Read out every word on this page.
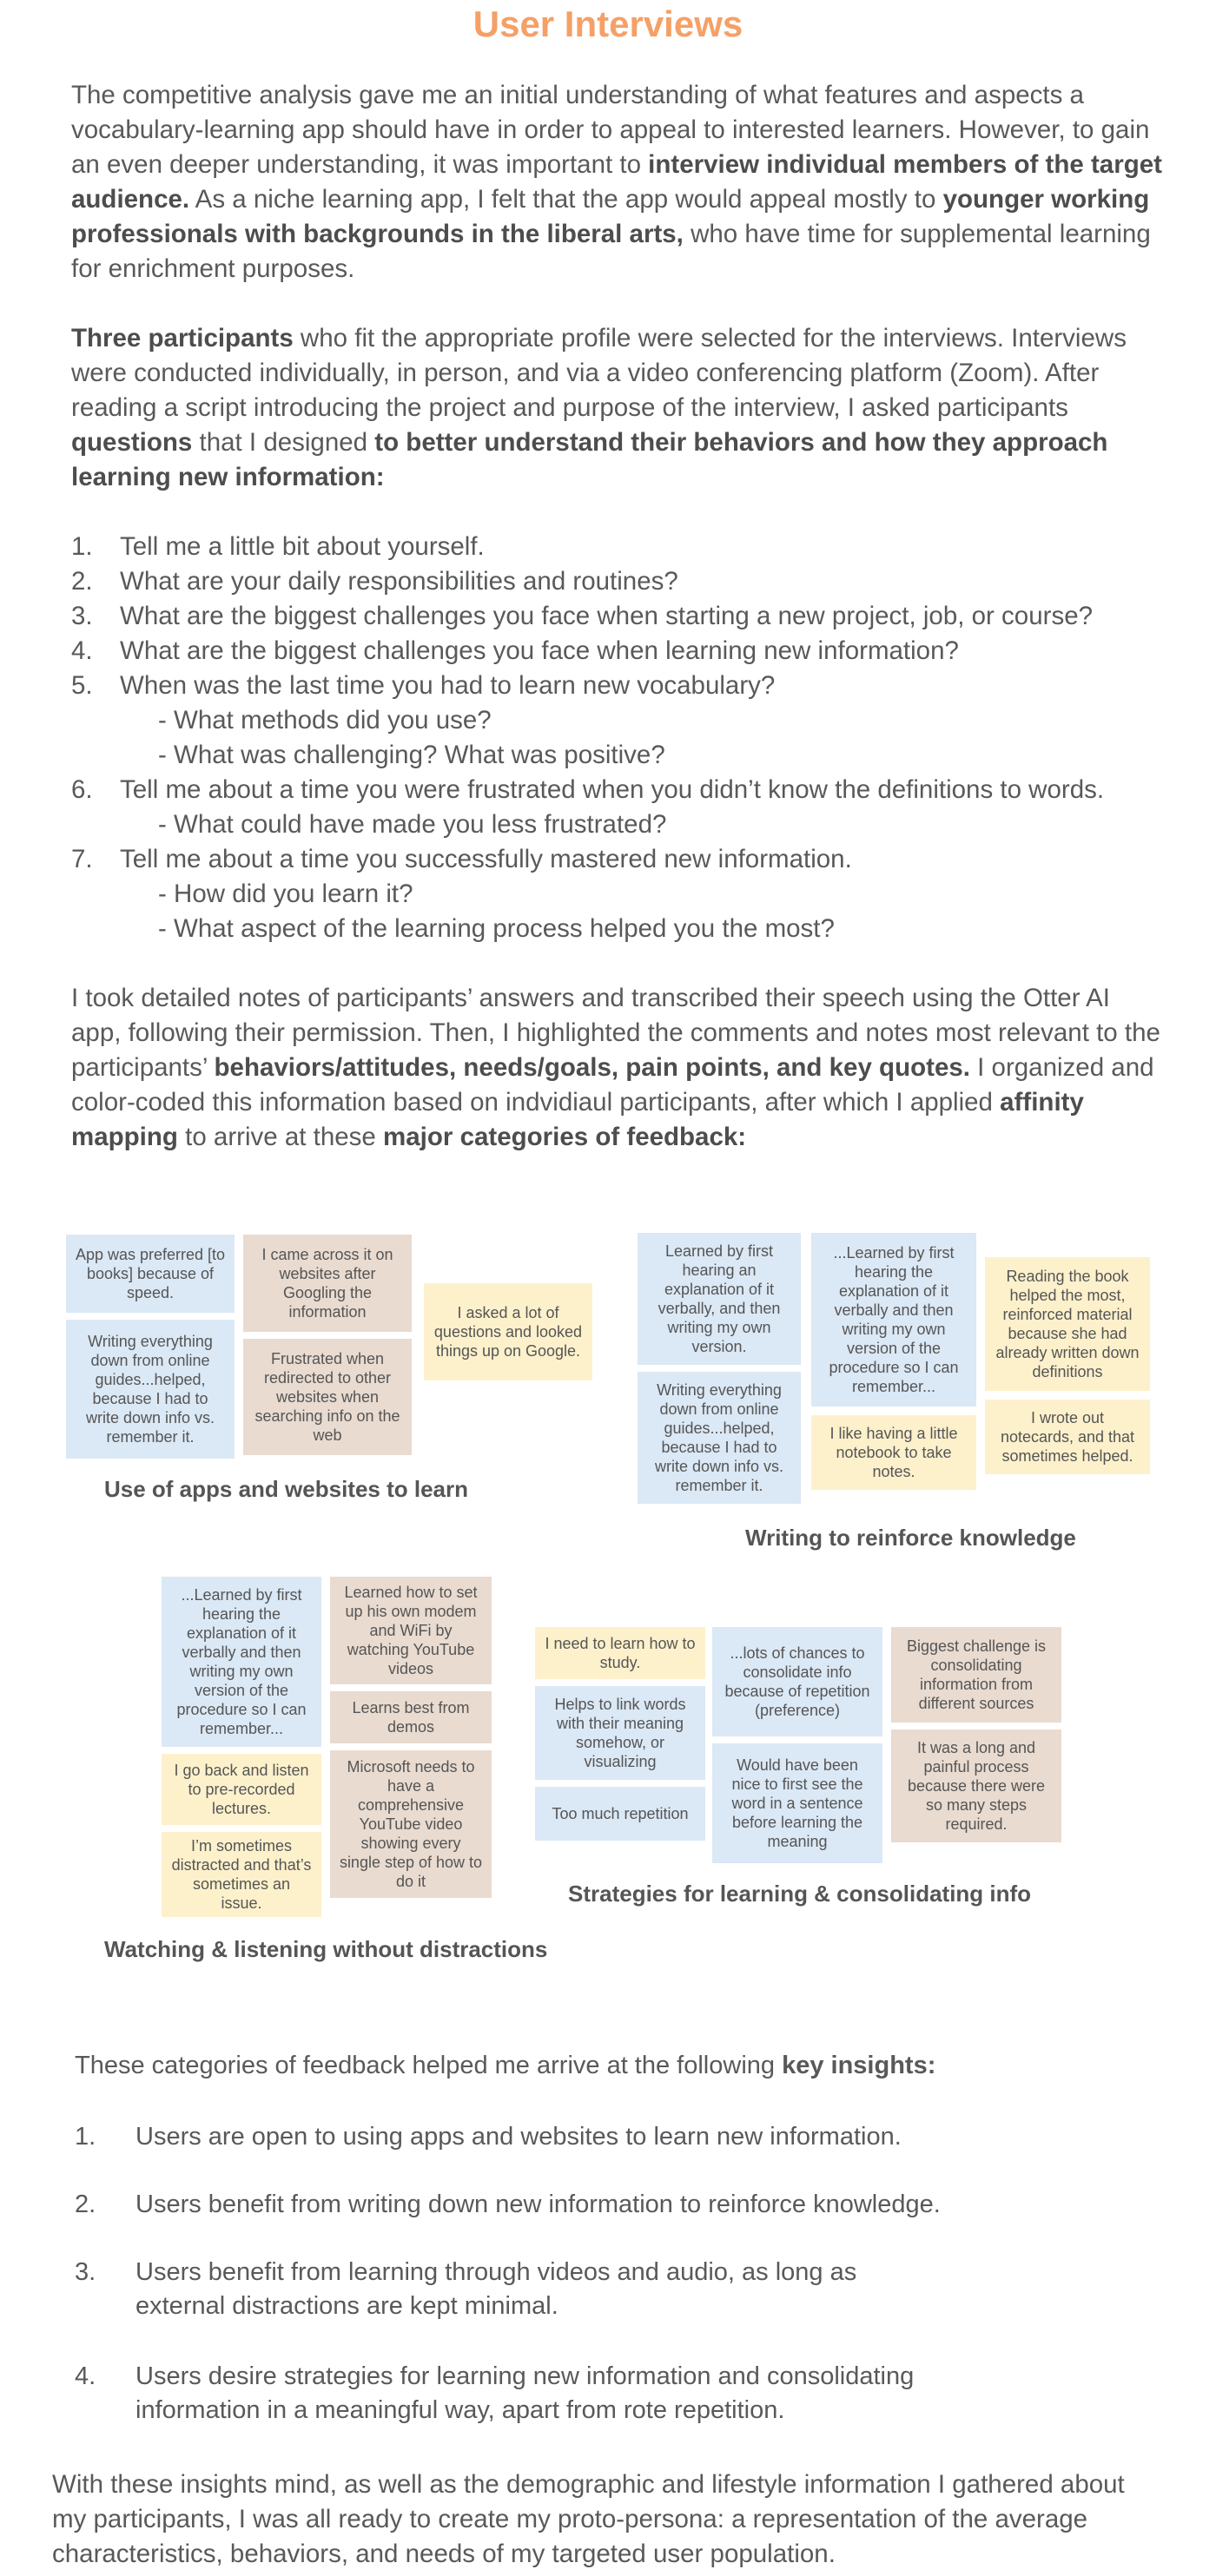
User Interviews
The competitive analysis gave me an initial understanding of what features and aspects a vocabulary-learning app should have in order to appeal to interested learners. However, to gain an even deeper understanding, it was important to interview individual members of the target audience. As a niche learning app, I felt that the app would appeal mostly to younger working professionals with backgrounds in the liberal arts, who have time for supplemental learning for enrichment purposes.
Three participants who fit the appropriate profile were selected for the interviews. Interviews were conducted individually, in person, and via a video conferencing platform (Zoom). After reading a script introducing the project and purpose of the interview, I asked participants questions that I designed to better understand their behaviors and how they approach learning new information:
1.	Tell me a little bit about yourself.
2.	What are your daily responsibilities and routines?
3.	What are the biggest challenges you face when starting a new project, job, or course?
4.	What are the biggest challenges you face when learning new information?
5.	When was the last time you had to learn new vocabulary?
- What methods did you use?
- What was challenging? What was positive?
6.	Tell me about a time you were frustrated when you didn’t know the definitions to words.
- What could have made you less frustrated?
7.	Tell me about a time you successfully mastered new information.
- How did you learn it?
- What aspect of the learning process helped you the most?
I took detailed notes of participants’ answers and transcribed their speech using the Otter AI app, following their permission. Then, I highlighted the comments and notes most relevant to the participants’ behaviors/attitudes, needs/goals, pain points, and key quotes. I organized and color-coded this information based on indvidiaul participants, after which I applied affinity mapping to arrive at these major categories of feedback:
App was preferred [to books] because of speed.
Writing everything down from online guides...helped, because I had to write down info vs. remember it.
I came across it on websites after Googling the information
Frustrated when redirected to other websites when searching info on the web
I asked a lot of questions and looked things up on Google.
Use of apps and websites to learn
Learned by first hearing an explanation of it verbally, and then writing my own version.
Writing everything down from online guides...helped, because I had to write down info vs. remember it.
...Learned by first hearing the explanation of it verbally and then writing my own version of the procedure so I can remember...
I like having a little notebook to take notes.
Reading the book helped the most, reinforced material because she had already written down definitions
I wrote out notecards, and that sometimes helped.
Writing to reinforce knowledge
...Learned by first hearing the explanation of it verbally and then writing my own version of the procedure so I can remember...
I go back and listen to pre-recorded lectures.
I’m sometimes distracted and that’s sometimes an issue.
Learned how to set up his own modem and WiFi by watching YouTube videos
Learns best from demos
Microsoft needs to have a comprehensive YouTube video showing every single step of how to do it
Watching & listening without distractions
I need to learn how to study.
Helps to link words with their meaning somehow, or visualizing
Too much repetition
...lots of chances to consolidate info because of repetition (preference)
Would have been nice to first see the word in a sentence before learning the meaning
Biggest challenge is consolidating information from different sources
It was a long and painful process because there were so many steps required.
Strategies for learning & consolidating info
These categories of feedback helped me arrive at the following key insights:
1. Users are open to using apps and websites to learn new information.
2. Users benefit from writing down new information to reinforce knowledge.
3. Users benefit from learning through videos and audio, as long as
external distractions are kept minimal.
4. Users desire strategies for learning new information and consolidating
information in a meaningful way, apart from rote repetition.
With these insights mind, as well as the demographic and lifestyle information I gathered about my participants, I was all ready to create my proto-persona: a representation of the average characteristics, behaviors, and needs of my targeted user population.
